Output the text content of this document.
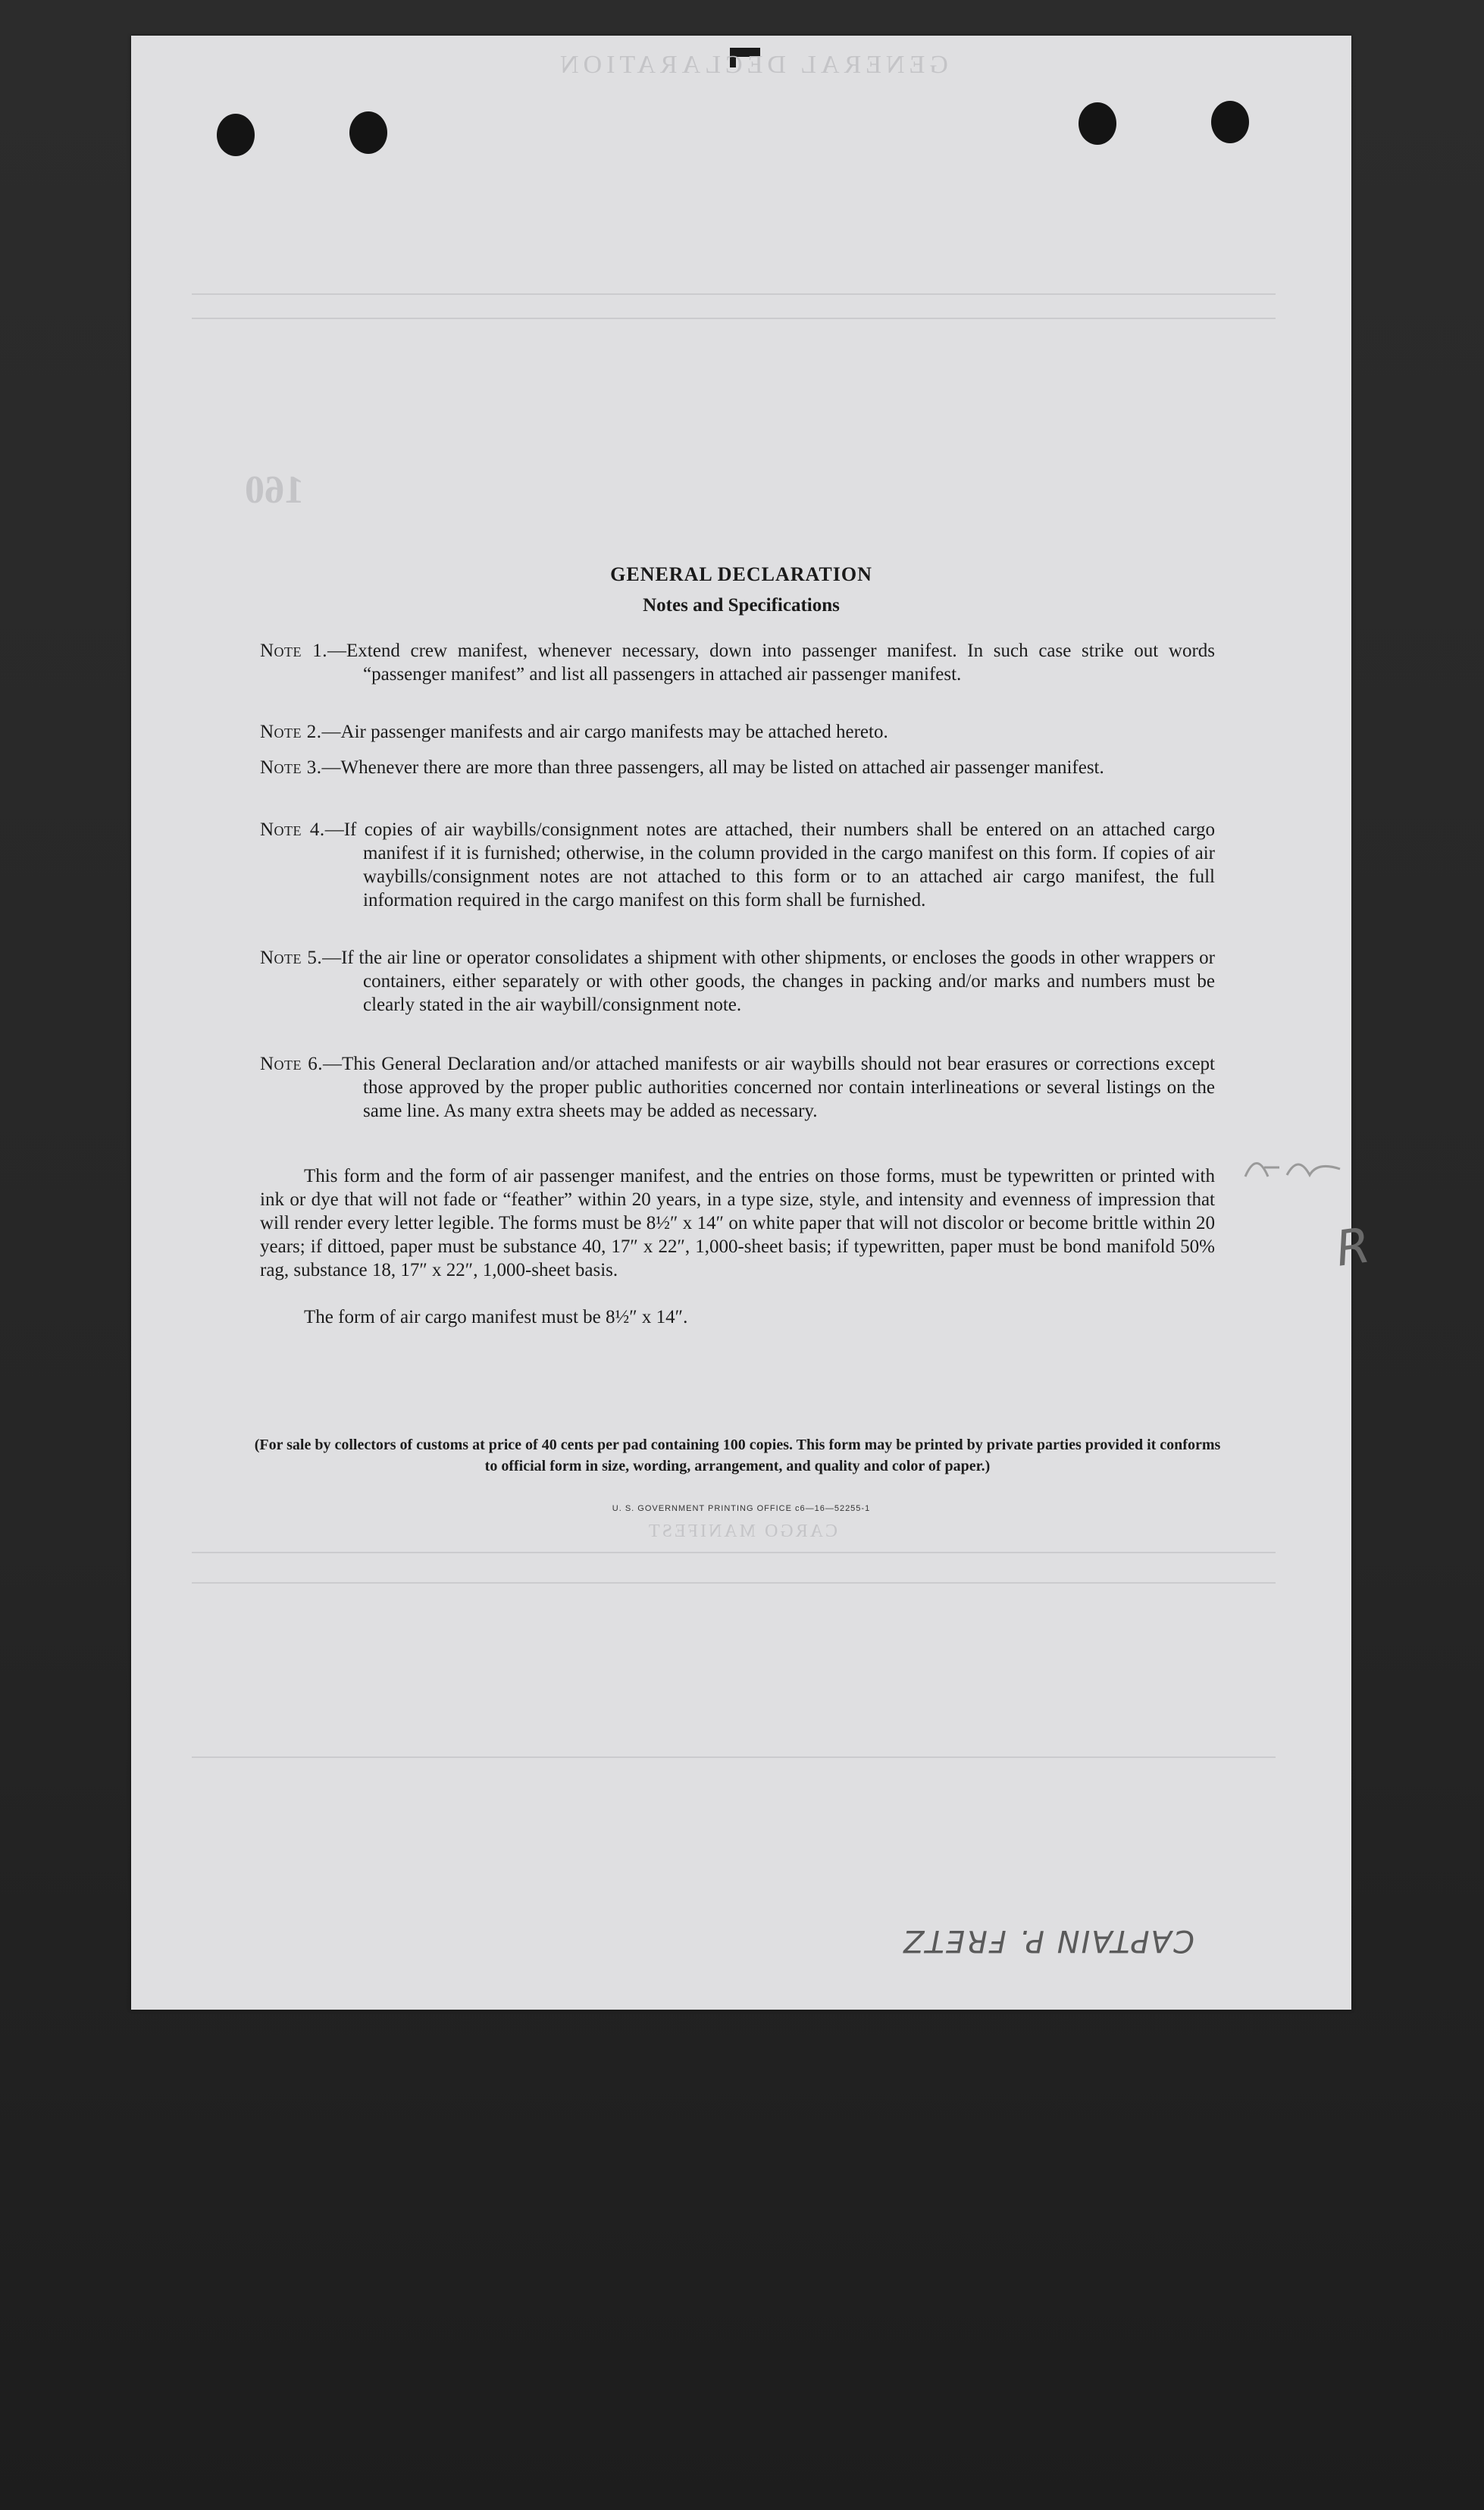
GENERAL DECLARATION
160
CARGO MANIFEST
GENERAL DECLARATION
Notes and Specifications
Note 1.—Extend crew manifest, whenever necessary, down into passenger manifest. In such case strike out words “passenger manifest” and list all passengers in attached air passenger manifest.
Note 2.—Air passenger manifests and air cargo manifests may be attached hereto.
Note 3.—Whenever there are more than three passengers, all may be listed on attached air passenger manifest.
Note 4.—If copies of air waybills/consignment notes are attached, their numbers shall be entered on an attached cargo manifest if it is furnished; otherwise, in the column provided in the cargo manifest on this form. If copies of air waybills/consignment notes are not attached to this form or to an attached air cargo manifest, the full information required in the cargo manifest on this form shall be furnished.
Note 5.—If the air line or operator consolidates a shipment with other shipments, or encloses the goods in other wrappers or containers, either separately or with other goods, the changes in packing and/or marks and numbers must be clearly stated in the air waybill/consignment note.
Note 6.—This General Declaration and/or attached manifests or air waybills should not bear erasures or corrections except those approved by the proper public authorities concerned nor contain interlineations or several listings on the same line. As many extra sheets may be added as necessary.
This form and the form of air passenger manifest, and the entries on those forms, must be typewritten or printed with ink or dye that will not fade or “feather” within 20 years, in a type size, style, and intensity and evenness of impression that will render every letter legible. The forms must be 8½″ x 14″ on white paper that will not discolor or become brittle within 20 years; if dittoed, paper must be substance 40, 17″ x 22″, 1,000-sheet basis; if typewritten, paper must be bond manifold 50% rag, substance 18, 17″ x 22″, 1,000-sheet basis.
The form of air cargo manifest must be 8½″ x 14″.
(For sale by collectors of customs at price of 40 cents per pad containing 100 copies. This form may be printed by private parties provided it conforms to official form in size, wording, arrangement, and quality and color of paper.)
U. S. GOVERNMENT PRINTING OFFICE c6—16—52255-1
R
CAPTAIN P. FRETZ
